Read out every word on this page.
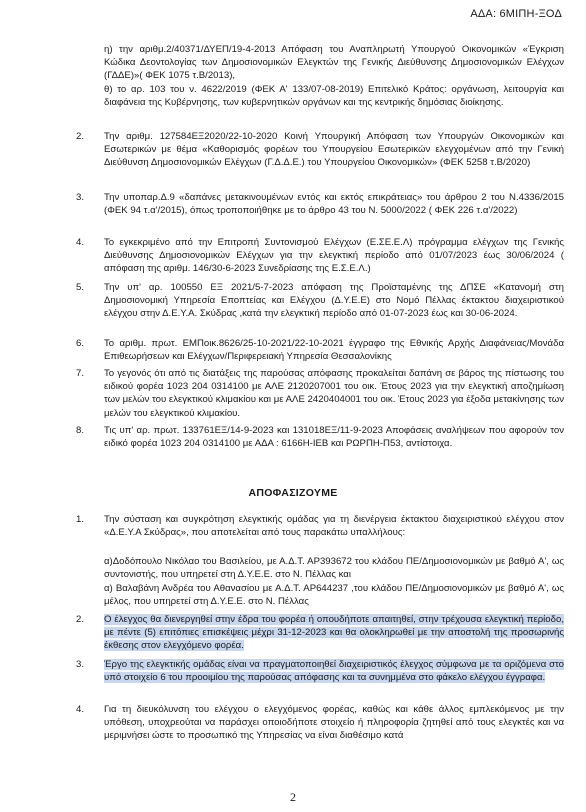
ΑΔΑ: 6ΜΙΠΗ-ΞΟΔ
η) την αριθμ.2/40371/ΔΥΕΠ/19-4-2013 Απόφαση του Αναπληρωτή Υπουργού Οικονομικών «Έγκριση Κώδικα Δεοντολογίας των Δημοσιονομικών Ελεγκτών της Γενικής Διεύθυνσης Δημοσιονομικών Ελέγχων (ΓΔΔΕ)»( ΦΕΚ 1075 τ.Β/2013),
θ) το αρ. 103 του ν. 4622/2019 (ΦΕΚ Α' 133/07-08-2019) Επιτελικό Κράτος: οργάνωση, λειτουργία και διαφάνεια της Κυβέρνησης, των κυβερνητικών οργάνων και της κεντρικής δημόσιας διοίκησης.
2. Την αριθμ. 127584ΕΞ2020/22-10-2020 Κοινή Υπουργική Απόφαση των Υπουργών Οικονομικών και Εσωτερικών με θέμα «Καθορισμός φορέων του Υπουργείου Εσωτερικών ελεγχομένων από την Γενική Διεύθυνση Δημοσιονομικών Ελέγχων (Γ.Δ.Δ.Ε.) του Υπουργείου Οικονομικών» (ΦΕΚ 5258 τ.Β/2020)
3. Την υποπαρ.Δ.9 «δαπάνες μετακινουμένων εντός και εκτός επικράτειας» του άρθρου 2 του Ν.4336/2015 (ΦΕΚ 94 τ.α'/2015), όπως τροποποιήθηκε με το άρθρο 43 του Ν. 5000/2022 ( ΦΕΚ 226 τ.α'/2022)
4. Το εγκεκριμένο από την Επιτροπή Συντονισμού Ελέγχων (Ε.ΣΕ.Ε.Λ) πρόγραμμα ελέγχων της Γενικής Διεύθυνσης Δημοσιονομικών Ελέγχων για την ελεγκτική περίοδο από 01/07/2023 έως 30/06/2024 ( απόφαση της αριθμ. 146/30-6-2023 Συνεδρίασης της Ε.Σ.Ε.Λ.)
5. Την υπ' αρ. 100550 ΕΞ 2021/5-7-2023 απόφαση της Προϊσταμένης της ΔΠΣΕ «Κατανομή στη Δημοσιονομική Υπηρεσία Εποπτείας και Ελέγχου (Δ.Υ.Ε.Ε) στο Νομό Πέλλας έκτακτου διαχειριστικού ελέγχου στην Δ.Ε.Υ.Α. Σκύδρας ,κατά την ελεγκτική περίοδο από 01-07-2023 έως και 30-06-2024.
6. Το αριθμ. πρωτ. ΕΜΠοικ.8626/25-10-2021/22-10-2021 έγγραφο της Εθνικής Αρχής Διαφάνειας/Μονάδα Επιθεωρήσεων και Ελέγχων/Περιφερειακή Υπηρεσία Θεσσαλονίκης
7. Το γεγονός ότι από τις διατάξεις της παρούσας απόφασης προκαλείται δαπάνη σε βάρος της πίστωσης του ειδικού φορέα 1023 204 0314100 με ΑΛΕ 2120207001 του οικ. Έτους 2023 για την ελεγκτική αποζημίωση των μελών του ελεγκτικού κλιμακίου και με ΑΛΕ 2420404001 του οικ. Έτους 2023 για έξοδα μετακίνησης των μελών του ελεγκτικού κλιμακίου.
8. Τις υπ' αρ. πρωτ. 133761ΕΞ/14-9-2023 και 131018ΕΞ/11-9-2023 Αποφάσεις αναλήψεων που αφορούν τον ειδικό φορέα 1023 204 0314100 με ΑΔΑ : 6166Η-ΙΕΒ και ΡΩΡΠΗ-Π53, αντίστοιχα.
ΑΠΟΦΑΣΙΖΟΥΜΕ
1. Την σύσταση και συγκρότηση ελεγκτικής ομάδας για τη διενέργεια έκτακτου διαχειριστικού ελέγχου στον «Δ.Ε.Υ.Α Σκύδρας», που αποτελείται από τους παρακάτω υπαλλήλους:
α)Δοδόπουλο Νικόλαο του Βασιλείου, με Α.Δ.Τ. ΑΡ393672 του κλάδου ΠΕ/Δημοσιονομικών με βαθμό Α', ως συντονιστής, που υπηρετεί στη Δ.Υ.Ε.Ε. στο Ν. Πέλλας και
α) Βαλαβάνη Ανδρέα του Αθανασίου με Α.Δ.Τ. ΑΡ644237 ,του κλάδου ΠΕ/Δημοσιονομικών με βαθμό Α', ως μέλος, που υπηρετεί στη Δ.Υ.Ε.Ε. στο Ν. Πέλλας
2. Ο έλεγχος θα διενεργηθεί στην έδρα του φορέα ή οπουδήποτε απαιτηθεί, στην τρέχουσα ελεγκτική περίοδο, με πέντε (5) επιτόπιες επισκέψεις μέχρι 31-12-2023 και θα ολοκληρωθεί με την αποστολή της προσωρινής έκθεσης στον ελεγχόμενο φορέα.
3. Έργο της ελεγκτικής ομάδας είναι να πραγματοποιηθεί διαχειριστικός έλεγχος σύμφωνα με τα οριζόμενα στο υπό στοιχείο 6 του προοιμίου της παρούσας απόφασης και τα συνημμένα στο φάκελο ελέγχου έγγραφα.
4. Για τη διευκόλυνση του ελέγχου ο ελεγχόμενος φορέας, καθώς και κάθε άλλος εμπλεκόμενος με την υπόθεση, υποχρεούται να παράσχει οποιοδήποτε στοιχείο ή πληροφορία ζητηθεί από τους ελεγκτές και να μεριμνήσει ώστε το προσωπικό της Υπηρεσίας να είναι διαθέσιμο κατά
2
